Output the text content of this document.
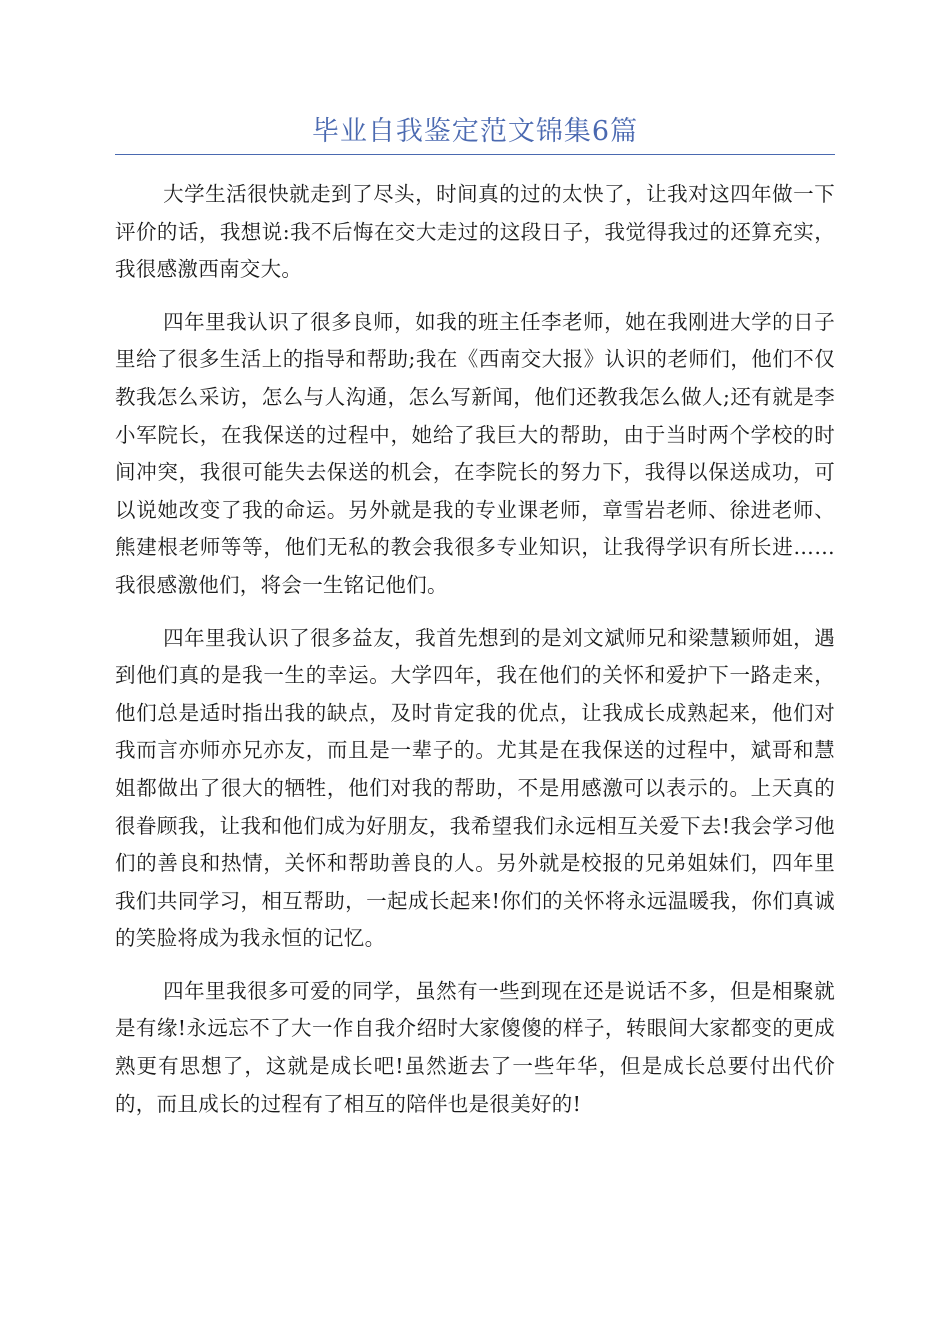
毕业自我鉴定范文锦集6篇

大学生活很快就走到了尽头，时间真的过的太快了，让我对这四年做一下评价的话，我想说:我不后悔在交大走过的这段日子，我觉得我过的还算充实，我很感激西南交大。

四年里我认识了很多良师，如我的班主任李老师，她在我刚进大学的日子里给了很多生活上的指导和帮助;我在《西南交大报》认识的老师们，他们不仅教我怎么采访，怎么与人沟通，怎么写新闻，他们还教我怎么做人;还有就是李小军院长，在我保送的过程中，她给了我巨大的帮助，由于当时两个学校的时间冲突，我很可能失去保送的机会，在李院长的努力下，我得以保送成功，可以说她改变了我的命运。另外就是我的专业课老师，章雪岩老师、徐进老师、熊建根老师等等，他们无私的教会我很多专业知识，让我得学识有所长进……我很感激他们，将会一生铭记他们。

四年里我认识了很多益友，我首先想到的是刘文斌师兄和梁慧颖师姐，遇到他们真的是我一生的幸运。大学四年，我在他们的关怀和爱护下一路走来，他们总是适时指出我的缺点，及时肯定我的优点，让我成长成熟起来，他们对我而言亦师亦兄亦友，而且是一辈子的。尤其是在我保送的过程中，斌哥和慧姐都做出了很大的牺牲，他们对我的帮助，不是用感激可以表示的。上天真的很眷顾我，让我和他们成为好朋友，我希望我们永远相互关爱下去!我会学习他们的善良和热情，关怀和帮助善良的人。另外就是校报的兄弟姐妹们，四年里我们共同学习，相互帮助，一起成长起来!你们的关怀将永远温暖我，你们真诚的笑脸将成为我永恒的记忆。

四年里我很多可爱的同学，虽然有一些到现在还是说话不多，但是相聚就是有缘!永远忘不了大一作自我介绍时大家傻傻的样子，转眼间大家都变的更成熟更有思想了，这就是成长吧!虽然逝去了一些年华，但是成长总要付出代价的，而且成长的过程有了相互的陪伴也是很美好的!
